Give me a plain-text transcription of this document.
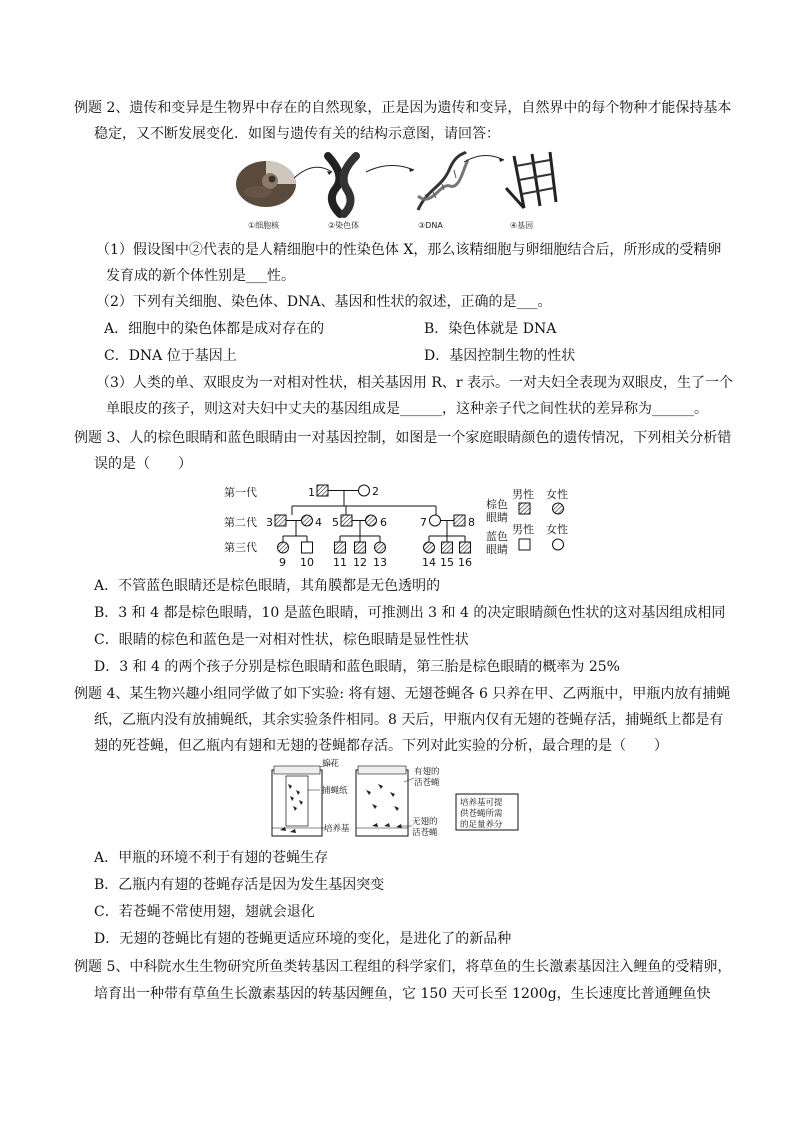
例题 2、遗传和变异是生物界中存在的自然现象，正是因为遗传和变异，自然界中的每个物种才能保持基本
稳定，又不断发展变化．如图与遗传有关的结构示意图，请回答：
①细胞核	②染色体	③DNA	④基因
（1）假设图中②代表的是人精细胞中的性染色体 X，那么该精细胞与卵细胞结合后，所形成的受精卵
发育成的新个体性别是___性。
（2）下列有关细胞、染色体、DNA、基因和性状的叙述，正确的是___。
A．细胞中的染色体都是成对存在的	B．染色体就是 DNA
C．DNA 位于基因上	D．基因控制生物的性状
（3）人类的单、双眼皮为一对相对性状，相关基因用 R、r 表示。一对夫妇全表现为双眼皮，生了一个
单眼皮的孩子，则这对夫妇中丈夫的基因组成是______，这种亲子代之间性状的差异称为______。
例题 3、人的棕色眼睛和蓝色眼睛由一对基因控制，如图是一个家庭眼睛颜色的遗传情况，下列相关分析错
误的是（　　）
第一代
第二代
第三代
1	2
3	4 5	6	7	8
9 10 11 12 13	14 15 16
男性 女性
棕色
眼睛
男性 女性
蓝色
眼睛
A．不管蓝色眼睛还是棕色眼睛，其角膜都是无色透明的
B．3 和 4 都是棕色眼睛，10 是蓝色眼睛，可推测出 3 和 4 的决定眼睛颜色性状的这对基因组成相同
C．眼睛的棕色和蓝色是一对相对性状，棕色眼睛是显性性状
D．3 和 4 的两个孩子分别是棕色眼睛和蓝色眼睛，第三胎是棕色眼睛的概率为 25%
例题 4、某生物兴趣小组同学做了如下实验: 将有翅、无翅苍蝇各 6 只养在甲、乙两瓶中，甲瓶内放有捕蝇
纸，乙瓶内没有放捕蝇纸，其余实验条件相同。8 天后，甲瓶内仅有无翅的苍蝇存活，捕蝇纸上都是有
翅的死苍蝇，但乙瓶内有翅和无翅的苍蝇都存活。下列对此实验的分析，最合理的是（　　）
棉花
捕蝇纸
培养基
有翅的
活苍蝇
无翅的
活苍蝇
培养基可提
供苍蝇所需
的足量养分
A．甲瓶的环境不利于有翅的苍蝇生存
B．乙瓶内有翅的苍蝇存活是因为发生基因突变
C．若苍蝇不常使用翅，翅就会退化
D．无翅的苍蝇比有翅的苍蝇更适应环境的变化，是进化了的新品种
例题 5、中科院水生生物研究所鱼类转基因工程组的科学家们，将草鱼的生长激素基因注入鲤鱼的受精卵，
培育出一种带有草鱼生长激素基因的转基因鲤鱼，它 150 天可长至 1200g，生长速度比普通鲤鱼快
